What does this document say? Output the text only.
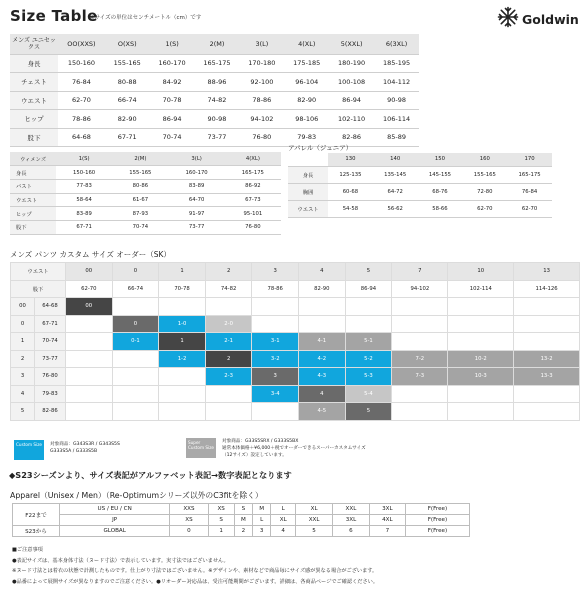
Size Table
※サイズの単位はセンチメートル（cm）です	Goldwin
メンズ ユニセックス	OO(XXS)	O(XS)	1(S)	2(M)	3(L)	4(XL)	5(XXL)	6(3XL)
身長	150-160	155-165	160-170	165-175	170-180	175-185	180-190	185-195
チェスト	76-84	80-88	84-92	88-96	92-100	96-104	100-108	104-112
ウエスト	62-70	66-74	70-78	74-82	78-86	82-90	86-94	90-98
ヒップ	78-86	82-90	86-94	90-98	94-102	98-106	102-110	106-114
股下	64-68	67-71	70-74	73-77	76-80	79-83	82-86	85-89
ウィメンズ	1(S)	2(M)	3(L)	4(XL)
身長	150-160	155-165	160-170	165-175
バスト	77-83	80-86	83-89	86-92
ウエスト	58-64	61-67	64-70	67-73
ヒップ	83-89	87-93	91-97	95-101
股下	67-71	70-74	73-77	76-80
アパレル（ジュニア）
	130	140	150	160	170
身長	125-135	135-145	145-155	155-165	165-175
胸囲	60-68	64-72	68-76	72-80	76-84
ウエスト	54-58	56-62	58-66	62-70	62-70
メンズ パンツ カスタム サイズ オーダー（SK）
ウエスト		00	0	1	2	3	4	5	7	10	13
股下		62-70	66-74	70-78	74-82	78-86	82-90	86-94	94-102	102-114	114-126
00	64-68	00									
0	67-71		0	1-0	2-0						
1	70-74		0-1	1	2-1	3-1	4-1	5-1			
2	73-77			1-2	2	3-2	4-2	5-2	7-2	10-2	13-2
3	76-80				2-3	3	4-3	5-3	7-3	10-3	13-3
4	79-83					3-4	4	5-4			
5	82-86						4-5	5			
Custom Size	対象商品：G343S3R / G343S5S
G333S5A / G333S5B
Super Custom Size
対象商品：G33S5SRX / G333S5BX
通常本体価格＋¥6,000＋税でオーダーできるスーパーカスタムサイズ
（12サイズ）設定しています。
◆S23シーズンより、サイズ表記がアルファベット表記→数字表記となります
Apparel（Unisex / Men）（Re-Optimumシリーズ以外のC3fitを除く）
F22まで	US / EU / CN	XXS	XS	S	M	L	XL	XXL	3XL	F(Free)
	JP	XS	S	M	L	XL	XXL	3XL	4XL	F(Free)
S23から	GLOBAL	0	1	2	3	4	5	6	7	F(Free)
■ご注意事項
●表記サイズは、基本身体寸法（ヌード寸法）で表示しています。実寸法ではございません。
※ヌード寸法とは着衣の状態で計測したものです。仕上がり寸法ではございません。※デザインや、素材などで商品毎にサイズ感が異なる場合がございます。
●品番によって展開サイズが異なりますのでご注意ください。●リオーダー対応品は、受注可能期間がございます。詳細は、各商品ページでご確認ください。
